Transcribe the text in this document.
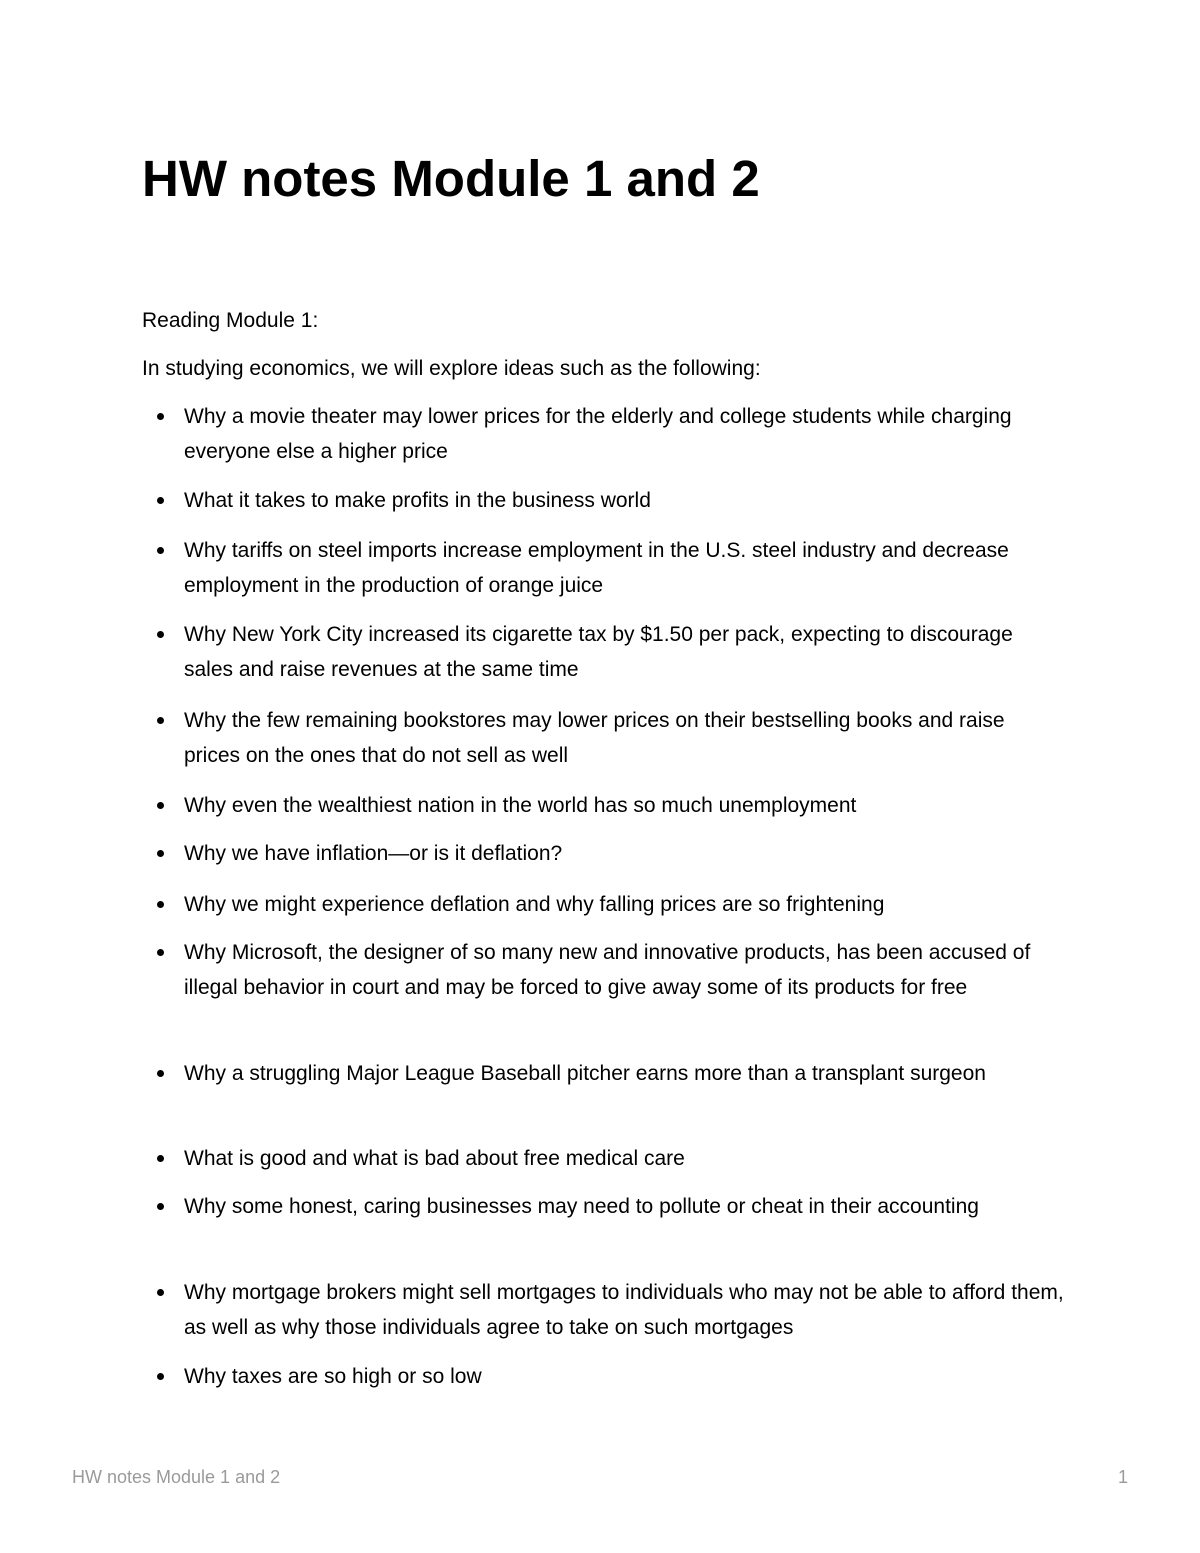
HW notes Module 1 and 2

Reading Module 1:

In studying economics, we will explore ideas such as the following:

Why a movie theater may lower prices for the elderly and college students while charging everyone else a higher price
What it takes to make profits in the business world
Why tariffs on steel imports increase employment in the U.S. steel industry and decrease employment in the production of orange juice
Why New York City increased its cigarette tax by $1.50 per pack, expecting to discourage sales and raise revenues at the same time
Why the few remaining bookstores may lower prices on their bestselling books and raise prices on the ones that do not sell as well
Why even the wealthiest nation in the world has so much unemployment
Why we have inflation—or is it deflation?
Why we might experience deflation and why falling prices are so frightening
Why Microsoft, the designer of so many new and innovative products, has been accused of illegal behavior in court and may be forced to give away some of its products for free
Why a struggling Major League Baseball pitcher earns more than a transplant surgeon
What is good and what is bad about free medical care
Why some honest, caring businesses may need to pollute or cheat in their accounting
Why mortgage brokers might sell mortgages to individuals who may not be able to afford them, as well as why those individuals agree to take on such mortgages
Why taxes are so high or so low
HW notes Module 1 and 2	1
